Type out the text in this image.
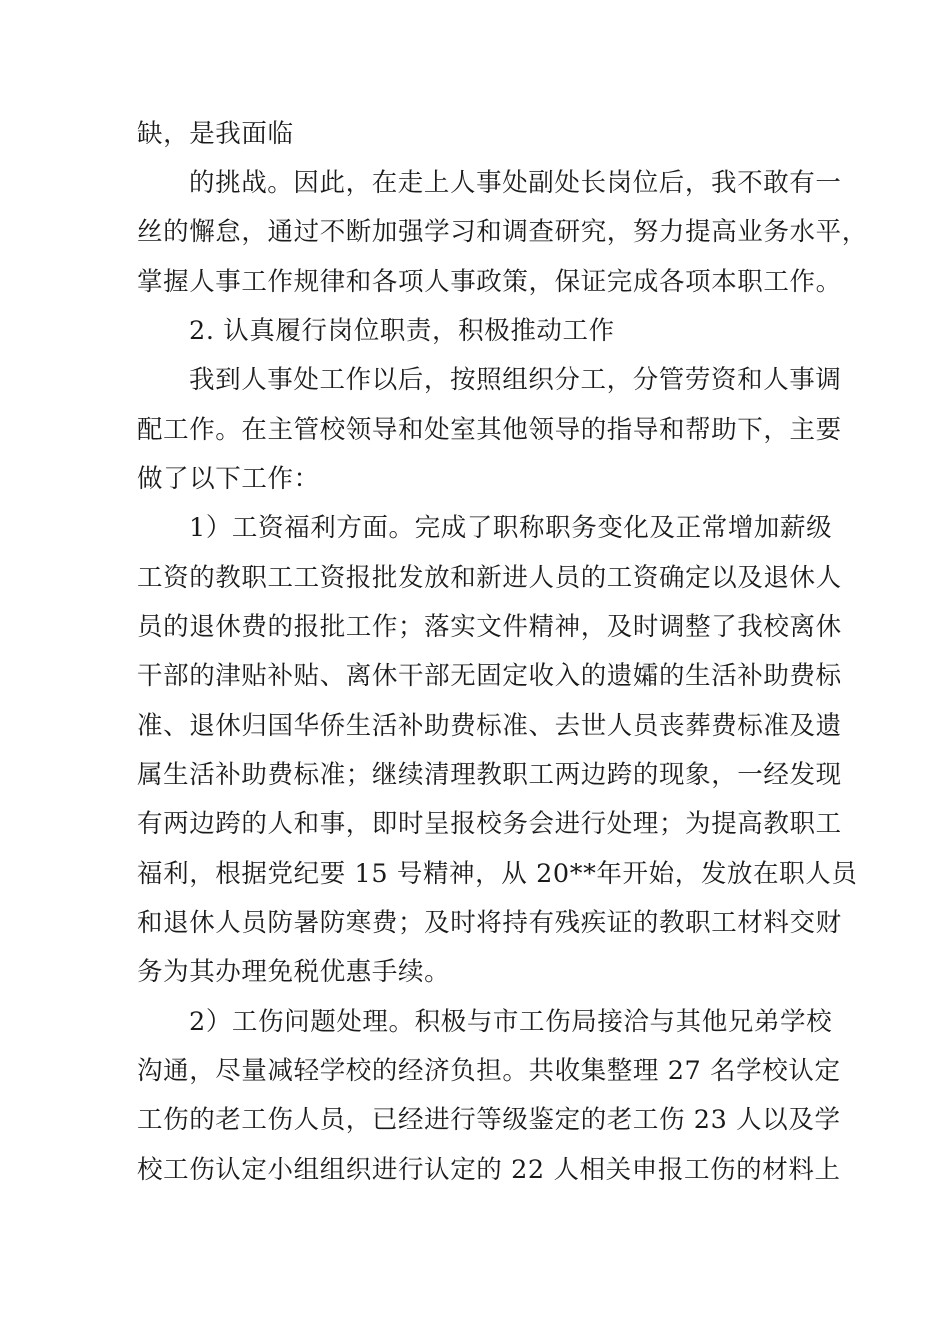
缺，是我面临
的挑战。因此，在走上人事处副处长岗位后，我不敢有一
丝的懈怠，通过不断加强学习和调查研究，努力提高业务水平，
掌握人事工作规律和各项人事政策，保证完成各项本职工作。
2. 认真履行岗位职责，积极推动工作
我到人事处工作以后，按照组织分工，分管劳资和人事调
配工作。在主管校领导和处室其他领导的指导和帮助下，主要
做了以下工作：
1）工资福利方面。完成了职称职务变化及正常增加薪级
工资的教职工工资报批发放和新进人员的工资确定以及退休人
员的退休费的报批工作；落实文件精神，及时调整了我校离休
干部的津贴补贴、离休干部无固定收入的遗孀的生活补助费标
准、退休归国华侨生活补助费标准、去世人员丧葬费标准及遗
属生活补助费标准；继续清理教职工两边跨的现象，一经发现
有两边跨的人和事，即时呈报校务会进行处理；为提高教职工
福利，根据党纪要 15 号精神，从 20**年开始，发放在职人员
和退休人员防暑防寒费；及时将持有残疾证的教职工材料交财
务为其办理免税优惠手续。
2）工伤问题处理。积极与市工伤局接洽与其他兄弟学校
沟通，尽量减轻学校的经济负担。共收集整理 27 名学校认定
工伤的老工伤人员，已经进行等级鉴定的老工伤 23 人以及学
校工伤认定小组组织进行认定的 22 人相关申报工伤的材料上
